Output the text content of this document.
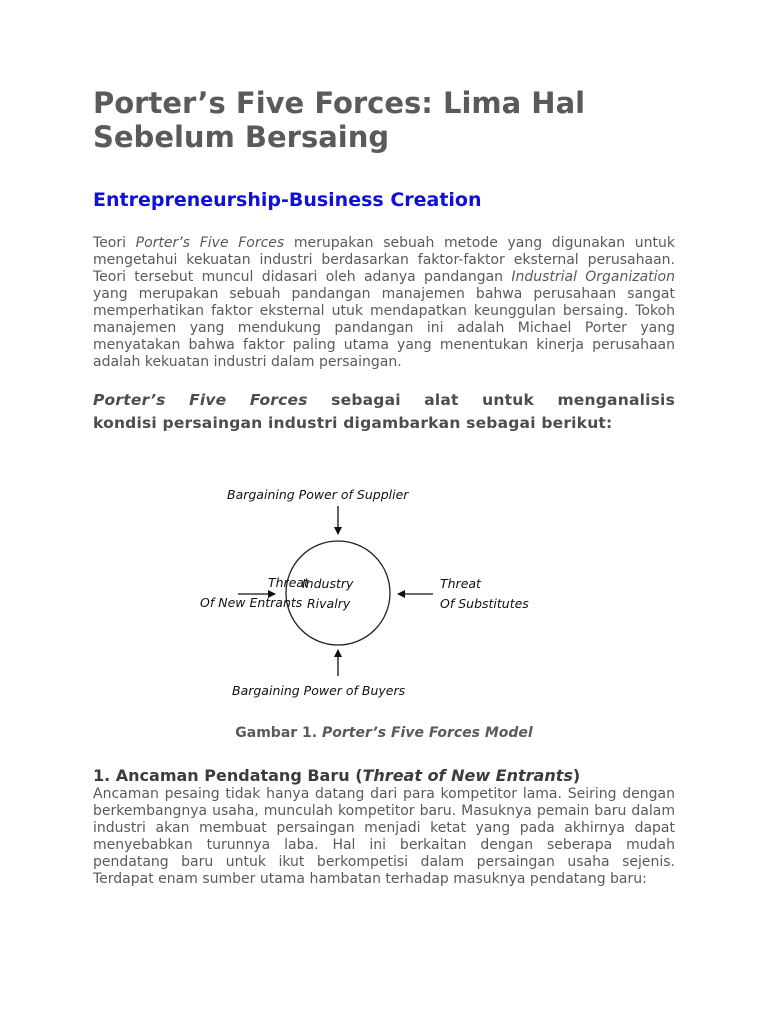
Porter’s Five Forces: Lima Hal Sebelum Bersaing
Entrepreneurship-Business Creation

Teori Porter’s Five Forces merupakan sebuah metode yang digunakan untuk mengetahui kekuatan industri berdasarkan faktor-faktor eksternal perusahaan. Teori tersebut muncul didasari oleh adanya pandangan Industrial Organization yang merupakan sebuah pandangan manajemen bahwa perusahaan sangat memperhatikan faktor eksternal utuk mendapatkan keunggulan bersaing. Tokoh manajemen yang mendukung pandangan ini adalah Michael Porter yang menyatakan bahwa faktor paling utama yang menentukan kinerja perusahaan adalah kekuatan industri dalam persaingan.

Porter’s Five Forces sebagai alat untuk menganalisis
kondisi persaingan industri digambarkan sebagai berikut:

Bargaining Power of Supplier
Threat
Of New Entrants
Industry
Rivalry
Threat
Of Substitutes
Bargaining Power of Buyers

Gambar 1. Porter’s Five Forces Model

1. Ancaman Pendatang Baru (Threat of New Entrants)

Ancaman pesaing tidak hanya datang dari para kompetitor lama. Seiring dengan berkembangnya usaha, munculah kompetitor baru. Masuknya pemain baru dalam industri akan membuat persaingan menjadi ketat yang pada akhirnya dapat menyebabkan turunnya laba. Hal ini berkaitan dengan seberapa mudah pendatang baru untuk ikut berkompetisi dalam persaingan usaha sejenis. Terdapat enam sumber utama hambatan terhadap masuknya pendatang baru:
